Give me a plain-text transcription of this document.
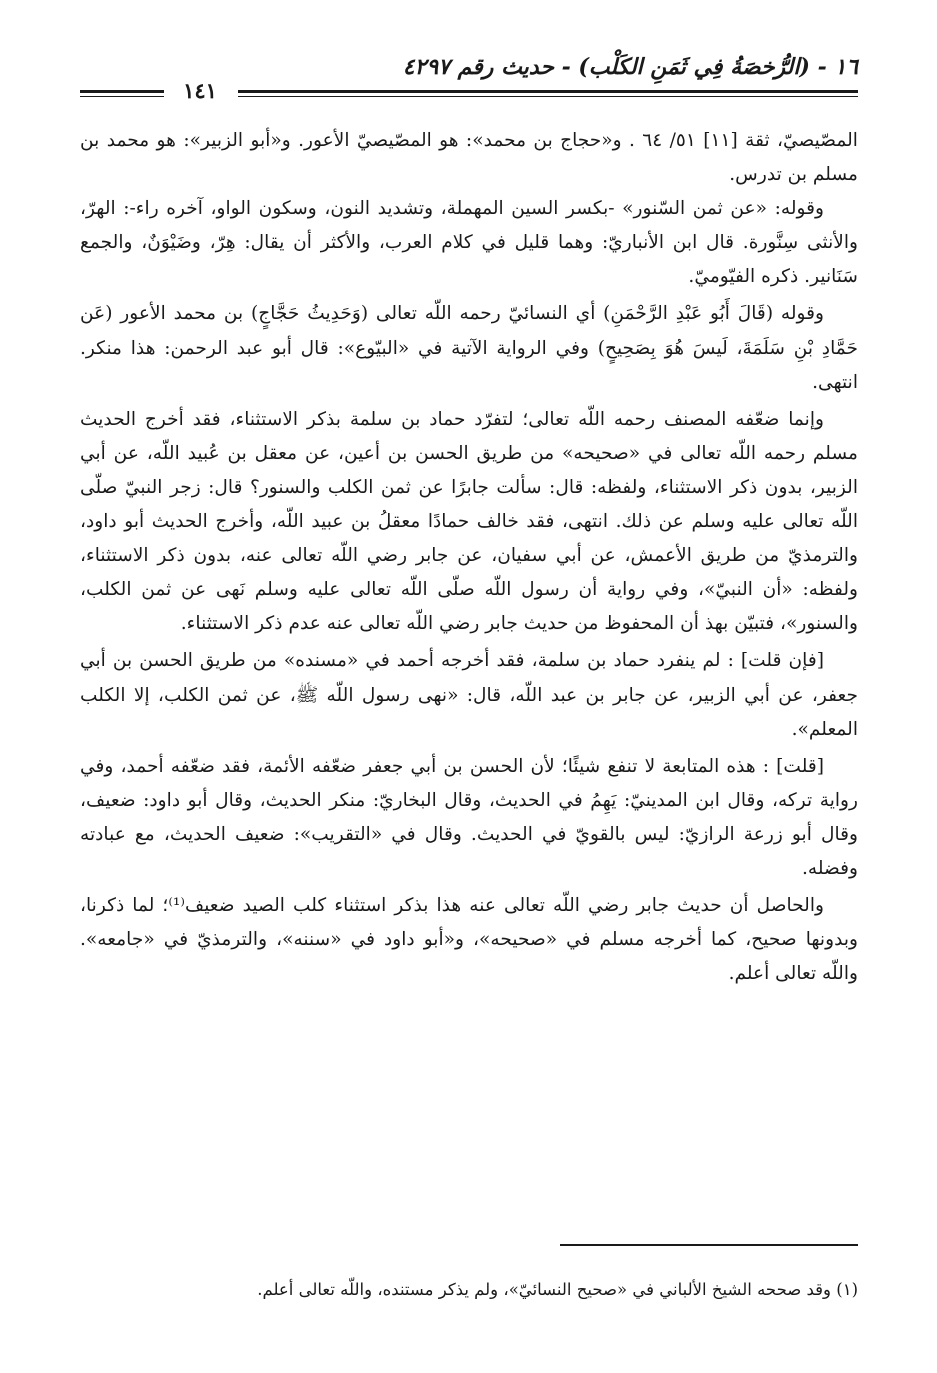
١٦ - (الرُّخصَةُ فِي ثَمَنِ الكَلْب) - حديث رقم ٤٢٩٧
١٤١

المصّيصيّ، ثقة [١١] ٥١/ ٦٤ . و«حجاج بن محمد»: هو المصّيصيّ الأعور. و«أبو الزبير»: هو محمد بن مسلم بن تدرس.

وقوله: «عن ثمن السّنور» -بكسر السين المهملة، وتشديد النون، وسكون الواو، آخره راء-: الهرّ، والأنثى سِنَّورة. قال ابن الأنباريّ: وهما قليل في كلام العرب، والأكثر أن يقال: هِرّ، وضَيْوَنٌ، والجمع سَنَانير. ذكره الفيّوميّ.

وقوله (قَالَ أَبُو عَبْدِ الرَّحْمَنِ) أي النسائيّ رحمه اللّه تعالى (وَحَدِيثُ حَجَّاجٍ) بن محمد الأعور (عَن حَمَّادِ بْنِ سَلَمَةَ، لَيسَ هُوَ بِصَحِيحٍ) وفي الرواية الآتية في «البيّوع»: قال أبو عبد الرحمن: هذا منكر. انتهى.

وإنما ضعّفه المصنف رحمه اللّه تعالى؛ لتفرّد حماد بن سلمة بذكر الاستثناء، فقد أخرج الحديث مسلم رحمه اللّه تعالى في «صحيحه» من طريق الحسن بن أعين، عن معقل بن عُبيد اللّه، عن أبي الزبير، بدون ذكر الاستثناء، ولفظه: قال: سألت جابرًا عن ثمن الكلب والسنور؟ قال: زجر النبيّ صلّى اللّه تعالى عليه وسلم عن ذلك. انتهى، فقد خالف حمادًا معقلُ بن عبيد اللّه، وأخرج الحديث أبو داود، والترمذيّ من طريق الأعمش، عن أبي سفيان، عن جابر رضي اللّه تعالى عنه، بدون ذكر الاستثناء، ولفظه: «أن النبيّ»، وفي رواية أن رسول اللّه صلّى اللّه تعالى عليه وسلم نَهى عن ثمن الكلب، والسنور»، فتبيّن بهذ أن المحفوظ من حديث جابر رضي اللّه تعالى عنه عدم ذكر الاستثناء.

[فإن قلت] : لم ينفرد حماد بن سلمة، فقد أخرجه أحمد في «مسنده» من طريق الحسن بن أبي جعفر، عن أبي الزبير، عن جابر بن عبد اللّه، قال: «نهى رسول اللّه ﷺ، عن ثمن الكلب، إلا الكلب المعلم».

[قلت] : هذه المتابعة لا تنفع شيئًا؛ لأن الحسن بن أبي جعفر ضعّفه الأئمة، فقد ضعّفه أحمد، وفي رواية تركه، وقال ابن المدينيّ: يَهِمُ في الحديث، وقال البخاريّ: منكر الحديث، وقال أبو داود: ضعيف، وقال أبو زرعة الرازيّ: ليس بالقويّ في الحديث. وقال في «التقريب»: ضعيف الحديث، مع عبادته وفضله.

والحاصل أن حديث جابر رضي اللّه تعالى عنه هذا بذكر استثناء كلب الصيد ضعيف⁽¹⁾؛ لما ذكرنا، وبدونها صحيح، كما أخرجه مسلم في «صحيحه»، و«أبو داود في «سننه»، والترمذيّ في «جامعه». واللّه تعالى أعلم.

(١) وقد صححه الشيخ الألباني في «صحيح النسائيّ»، ولم يذكر مستنده، واللّه تعالى أعلم.
